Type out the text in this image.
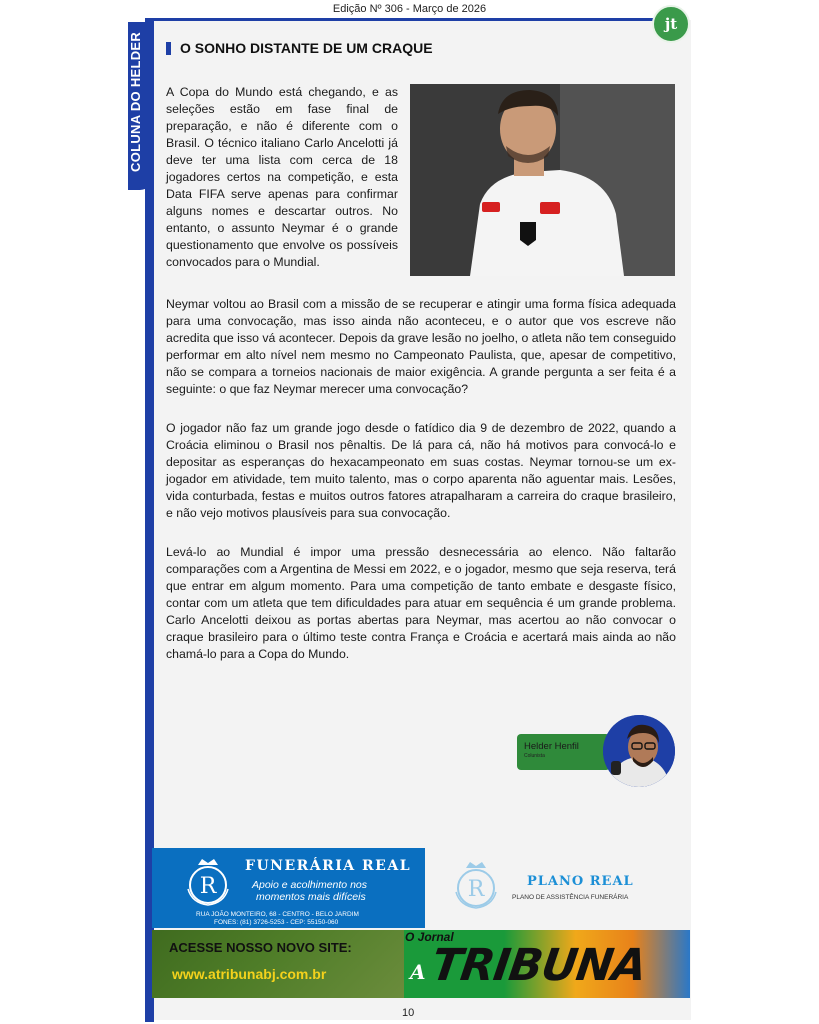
Edição Nº 306 - Março de 2026
jt
COLUNA DO HELDER	O SONHO DISTANTE DE UM CRAQUE

A Copa do Mundo está chegando, e as seleções estão em fase final de preparação, e não é diferente com o Brasil. O técnico italiano Carlo Ancelotti já deve ter uma lista com cerca de 18 jogadores certos na competição, e esta Data FIFA serve apenas para confirmar alguns nomes e descartar outros. No entanto, o assunto Neymar é o grande questionamento que envolve os possíveis convocados para o Mundial.

Neymar voltou ao Brasil com a missão de se recuperar e atingir uma forma física adequada para uma convocação, mas isso ainda não aconteceu, e o autor que vos escreve não acredita que isso vá acontecer. Depois da grave lesão no joelho, o atleta não tem conseguido performar em alto nível nem mesmo no Campeonato Paulista, que, apesar de competitivo, não se compara a torneios nacionais de maior exigência. A grande pergunta a ser feita é a seguinte: o que faz Neymar merecer uma convocação?

O jogador não faz um grande jogo desde o fatídico dia 9 de dezembro de 2022, quando a Croácia eliminou o Brasil nos pênaltis. De lá para cá, não há motivos para convocá-lo e depositar as esperanças do hexacampeonato em suas costas. Neymar tornou-se um ex-jogador em atividade, tem muito talento, mas o corpo aparenta não aguentar mais. Lesões, vida conturbada, festas e muitos outros fatores atrapalharam a carreira do craque brasileiro, e não vejo motivos plausíveis para sua convocação.

Levá-lo ao Mundial é impor uma pressão desnecessária ao elenco. Não faltarão comparações com a Argentina de Messi em 2022, e o jogador, mesmo que seja reserva, terá que entrar em algum momento. Para uma competição de tanto embate e desgaste físico, contar com um atleta que tem dificuldades para atuar em sequência é um grande problema. Carlo Ancelotti deixou as portas abertas para Neymar, mas acertou ao não convocar o craque brasileiro para o último teste contra França e Croácia e acertará mais ainda ao não chamá-lo para a Copa do Mundo.

Helder Henfil
Colunista
R
FUNERÁRIA REAL
Apoio e acolhimento nos
momentos mais difíceis
RUA JOÃO MONTEIRO, 68 - CENTRO - BELO JARDIM
FONES: (81) 3726-5253 - CEP: 55150-060
R	PLANO REAL
PLANO DE ASSISTÊNCIA FUNERÁRIA
ACESSE NOSSO NOVO SITE:
www.atribunabj.com.br
O Jornal
A TRIBUNA
10
